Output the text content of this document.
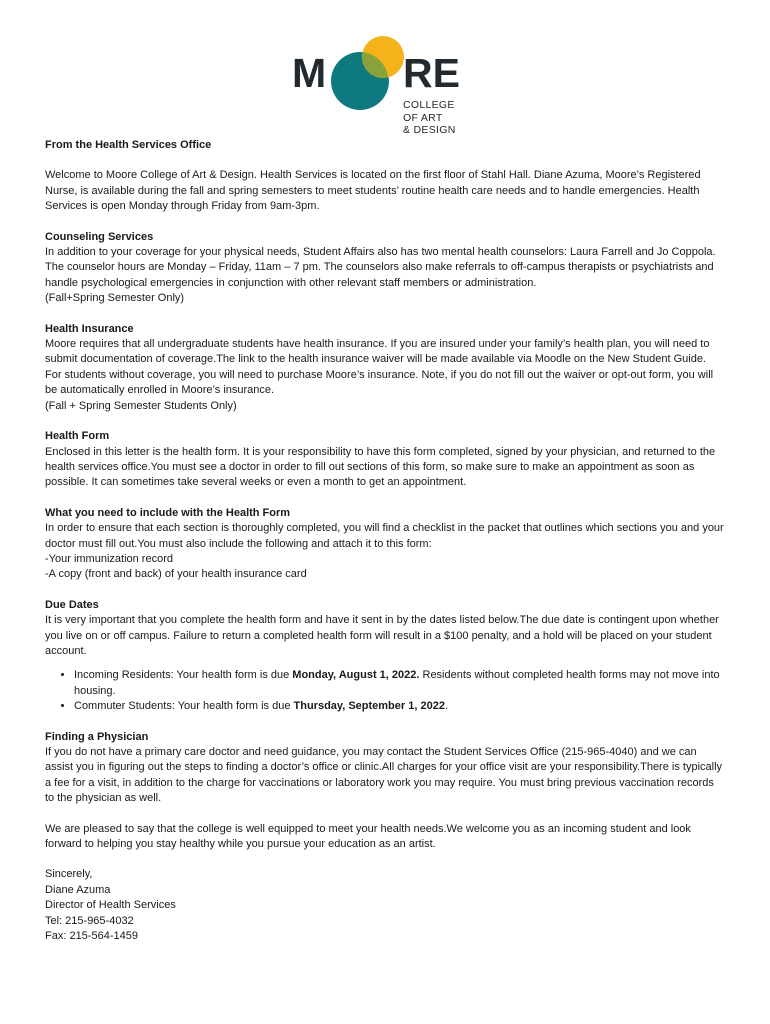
M RE
COLLEGE
OF ART
& DESIGN

From the Health Services Office

Welcome to Moore College of Art & Design. Health Services is located on the first floor of Stahl Hall. Diane Azuma, Moore’s Registered Nurse, is available during the fall and spring semesters to meet students’ routine health care needs and to handle emergencies. Health Services is open Monday through Friday from 9am-3pm.

Counseling Services

In addition to your coverage for your physical needs, Student Affairs also has two mental health counselors: Laura Farrell and Jo Coppola. The counselor hours are Monday – Friday, 11am – 7 pm. The counselors also make referrals to off-campus therapists or psychiatrists and handle psychological emergencies in conjunction with other relevant staff members or administration.

(Fall+Spring Semester Only)

Health Insurance

Moore requires that all undergraduate students have health insurance. If you are insured under your family’s health plan, you will need to submit documentation of coverage.The link to the health insurance waiver will be made available via Moodle on the New Student Guide. For students without coverage, you will need to purchase Moore’s insurance. Note, if you do not fill out the waiver or opt-out form, you will be automatically enrolled in Moore’s insurance.

(Fall + Spring Semester Students Only)

Health Form

Enclosed in this letter is the health form. It is your responsibility to have this form completed, signed by your physician, and returned to the health services office.You must see a doctor in order to fill out sections of this form, so make sure to make an appointment as soon as possible. It can sometimes take several weeks or even a month to get an appointment.

What you need to include with the Health Form

In order to ensure that each section is thoroughly completed, you will find a checklist in the packet that outlines which sections you and your doctor must fill out.You must also include the following and attach it to this form:

-Your immunization record

-A copy (front and back) of your health insurance card

Due Dates

It is very important that you complete the health form and have it sent in by the dates listed below.The due date is contingent upon whether you live on or off campus. Failure to return a completed health form will result in a $100 penalty, and a hold will be placed on your student account.

• Incoming Residents: Your health form is due Monday, August 1, 2022. Residents without completed health forms may not move into housing.
• Commuter Students: Your health form is due Thursday, September 1, 2022.

Finding a Physician

If you do not have a primary care doctor and need guidance, you may contact the Student Services Office (215-965-4040) and we can assist you in figuring out the steps to finding a doctor’s office or clinic.All charges for your office visit are your responsibility.There is typically a fee for a visit, in addition to the charge for vaccinations or laboratory work you may require. You must bring previous vaccination records to the physician as well.

We are pleased to say that the college is well equipped to meet your health needs.We welcome you as an incoming student and look forward to helping you stay healthy while you pursue your education as an artist.

Sincerely,

Diane Azuma

Director of Health Services

Tel: 215-965-4032

Fax: 215-564-1459
